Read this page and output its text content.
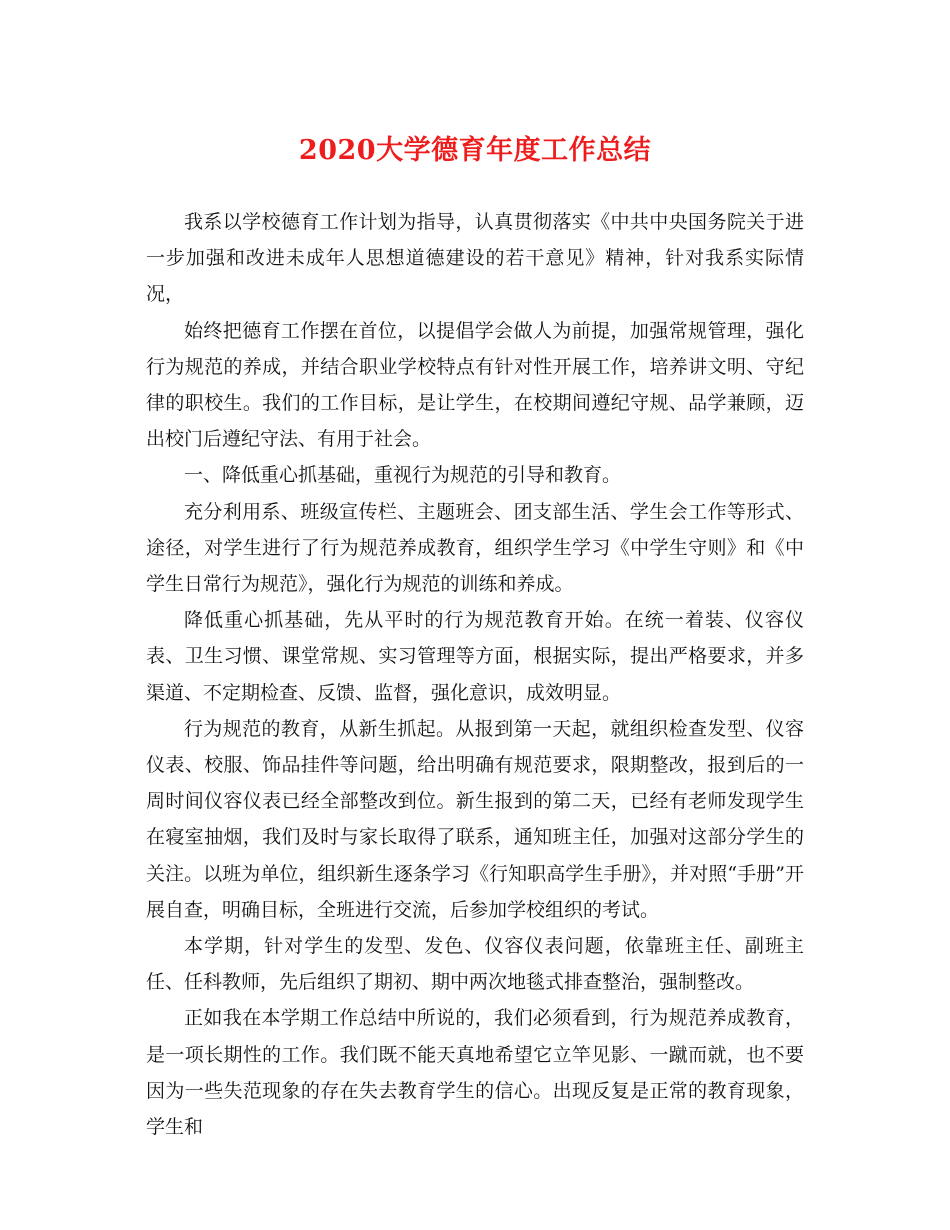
2020大学德育年度工作总结

我系以学校德育工作计划为指导，认真贯彻落实《中共中央国务院关于进一步加强和改进未成年人思想道德建设的若干意见》精神，针对我系实际情况，

始终把德育工作摆在首位，以提倡学会做人为前提，加强常规管理，强化行为规范的养成，并结合职业学校特点有针对性开展工作，培养讲文明、守纪律的职校生。我们的工作目标，是让学生，在校期间遵纪守规、品学兼顾，迈出校门后遵纪守法、有用于社会。

一、降低重心抓基础，重视行为规范的引导和教育。

充分利用系、班级宣传栏、主题班会、团支部生活、学生会工作等形式、途径，对学生进行了行为规范养成教育，组织学生学习《中学生守则》和《中学生日常行为规范》，强化行为规范的训练和养成。

降低重心抓基础，先从平时的行为规范教育开始。在统一着装、仪容仪表、卫生习惯、课堂常规、实习管理等方面，根据实际，提出严格要求，并多渠道、不定期检查、反馈、监督，强化意识，成效明显。

行为规范的教育，从新生抓起。从报到第一天起，就组织检查发型、仪容仪表、校服、饰品挂件等问题，给出明确有规范要求，限期整改，报到后的一周时间仪容仪表已经全部整改到位。新生报到的第二天，已经有老师发现学生在寝室抽烟，我们及时与家长取得了联系，通知班主任，加强对这部分学生的关注。以班为单位，组织新生逐条学习《行知职高学生手册》，并对照“手册”开展自查，明确目标，全班进行交流，后参加学校组织的考试。

本学期，针对学生的发型、发色、仪容仪表问题，依靠班主任、副班主任、任科教师，先后组织了期初、期中两次地毯式排查整治，强制整改。

正如我在本学期工作总结中所说的，我们必须看到，行为规范养成教育，是一项长期性的工作。我们既不能天真地希望它立竿见影、一蹴而就，也不要因为一些失范现象的存在失去教育学生的信心。出现反复是正常的教育现象，学生和
